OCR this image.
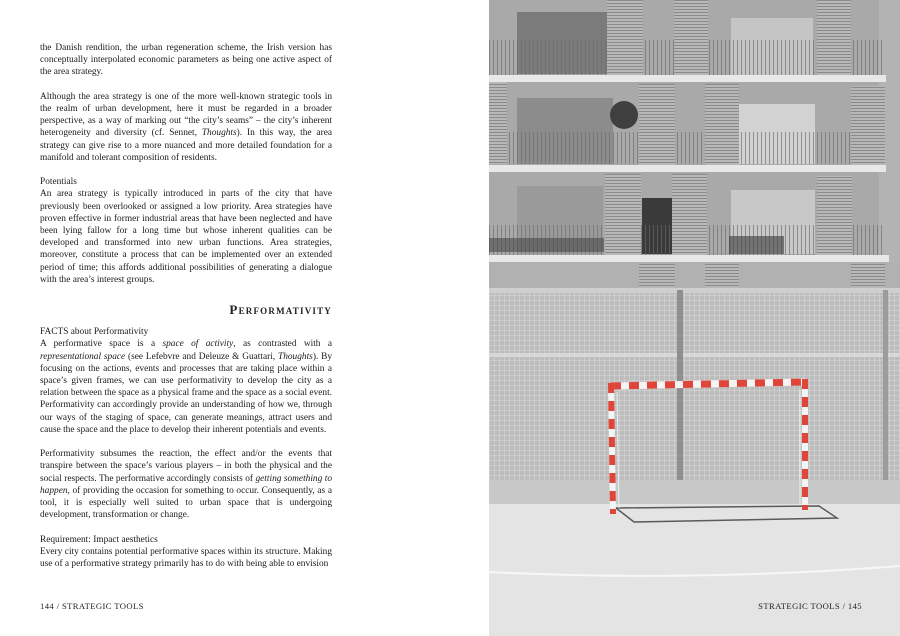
the Danish rendition, the urban regeneration scheme, the Irish version has conceptually interpolated economic parameters as being one active aspect of the area strategy.

Although the area strategy is one of the more well-known strategic tools in the realm of urban development, here it must be regarded in a broader perspective, as a way of marking out “the city’s seams” – the city’s inherent heterogeneity and diversity (cf. Sennet, Thoughts). In this way, the area strategy can give rise to a more nuanced and more detailed foundation for a manifold and tolerant composition of residents.

Potentials
An area strategy is typically introduced in parts of the city that have previously been overlooked or assigned a low priority. Area strategies have proven effective in former industrial areas that have been neglected and have been lying fallow for a long time but whose inherent qualities can be developed and transformed into new urban functions. Area strategies, moreover, constitute a process that can be implemented over an extended period of time; this affords additional possibilities of generating a dialogue with the area’s interest groups.

Performativity

FACTS about Performativity
A performative space is a space of activity, as contrasted with a representational space (see Lefebvre and Deleuze & Guattari, Thoughts). By focusing on the actions, events and processes that are taking place within a space’s given frames, we can use performativity to develop the city as a relation between the space as a physical frame and the space as a social event. Performativity can accordingly provide an understanding of how we, through our ways of the staging of space, can generate meanings, attract users and cause the space and the place to develop their inherent potentials and events.

Performativity subsumes the reaction, the effect and/or the events that transpire between the space’s various players – in both the physical and the social respects. The performative accordingly consists of getting something to happen, of providing the occasion for something to occur. Consequently, as a tool, it is especially well suited to urban space that is undergoing development, transformation or change.

Requirement: Impact aesthetics
Every city contains potential performative spaces within its structure. Making use of a performative strategy primarily has to do with being able to envision

144 / STRATEGIC TOOLS	STRATEGIC TOOLS / 145
